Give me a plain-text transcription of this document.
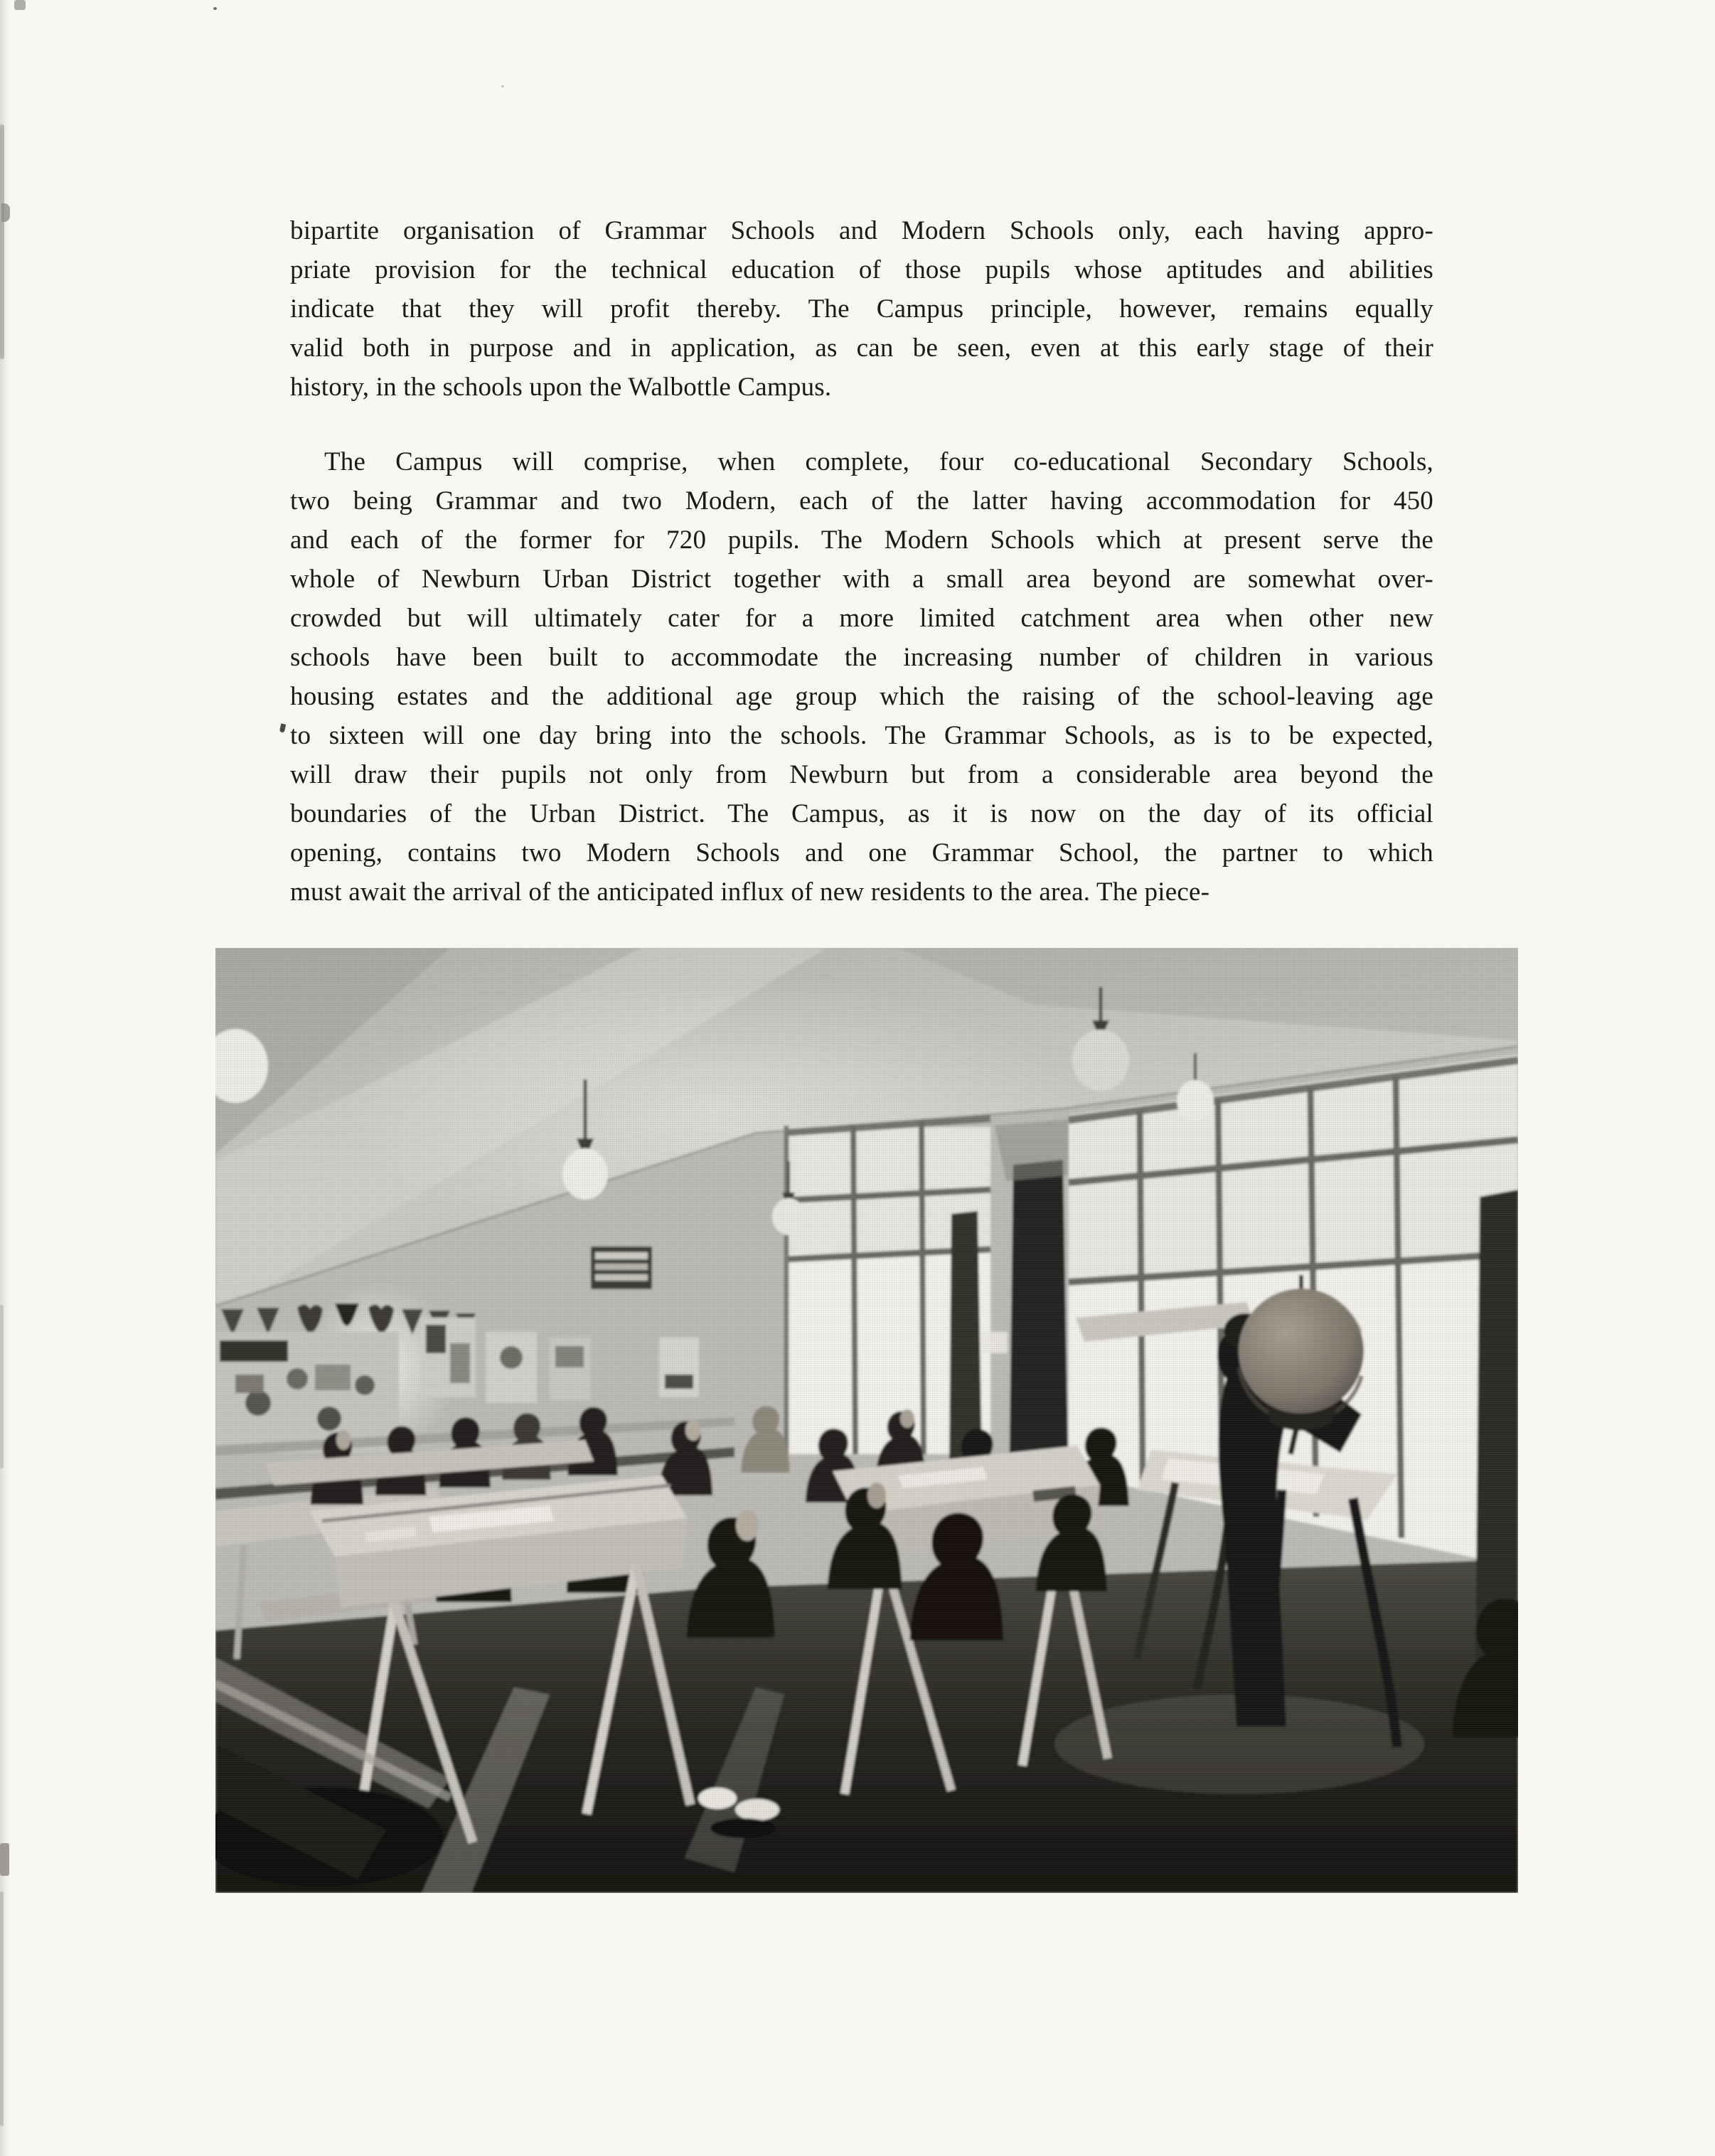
bipartite organisation of Grammar Schools and Modern Schools only, each having appro-
priate provision for the technical education of those pupils whose aptitudes and abilities
indicate that they will profit thereby. The Campus principle, however, remains equally
valid both in purpose and in application, as can be seen, even at this early stage of their
history, in the schools upon the Walbottle Campus.
The Campus will comprise, when complete, four co-educational Secondary Schools,
two being Grammar and two Modern, each of the latter having accommodation for 450
and each of the former for 720 pupils. The Modern Schools which at present serve the
whole of Newburn Urban District together with a small area beyond are somewhat over-
crowded but will ultimately cater for a more limited catchment area when other new
schools have been built to accommodate the increasing number of children in various
housing estates and the additional age group which the raising of the school-leaving age
to sixteen will one day bring into the schools. The Grammar Schools, as is to be expected,
will draw their pupils not only from Newburn but from a considerable area beyond the
boundaries of the Urban District. The Campus, as it is now on the day of its official
opening, contains two Modern Schools and one Grammar School, the partner to which
must await the arrival of the anticipated influx of new residents to the area. The piece-
